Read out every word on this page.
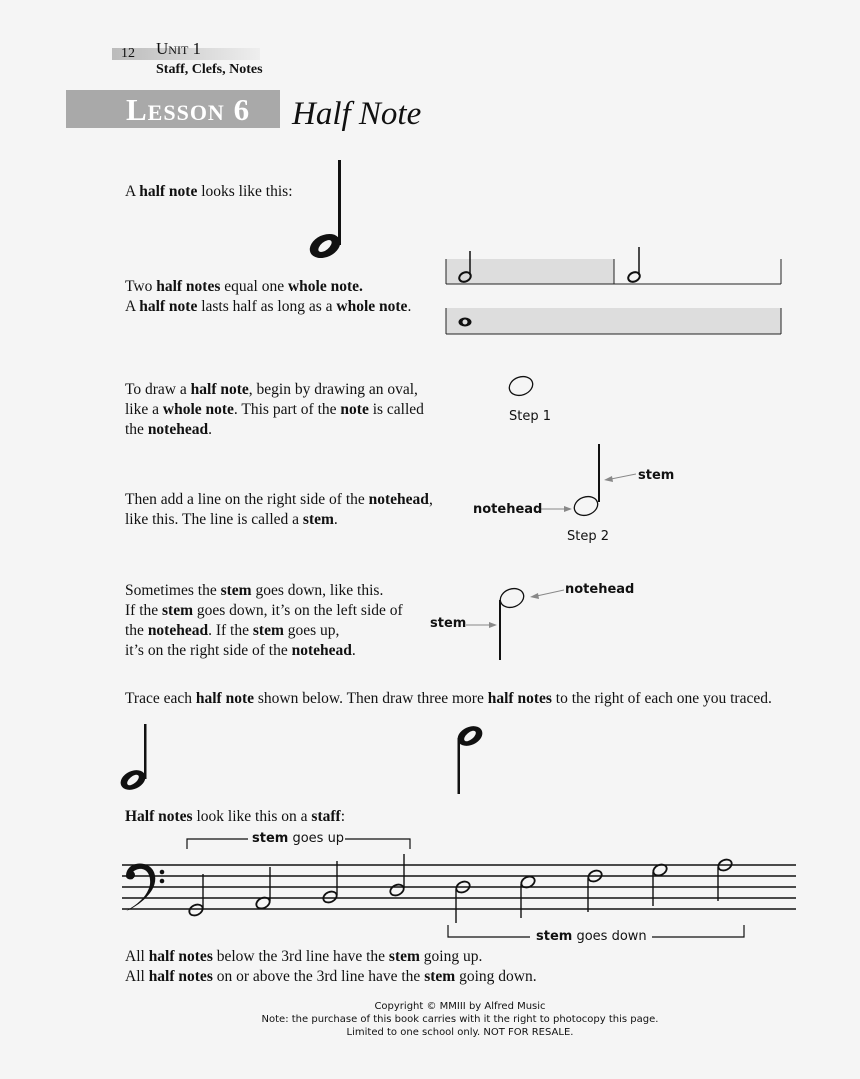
12 Unit 1
Staff, Clefs, Notes
Lesson 6 Half Note
A half note looks like this:
Two half notes equal one whole note.
A half note lasts half as long as a whole note.
To draw a half note, begin by drawing an oval,
like a whole note. This part of the note is called
the notehead.
Step 1
Then add a line on the right side of the notehead,
like this. The line is called a stem.
stem
notehead
Step 2
Sometimes the stem goes down, like this.
If the stem goes down, it’s on the left side of
the notehead. If the stem goes up,
it’s on the right side of the notehead.
notehead
stem
Trace each half note shown below. Then draw three more half notes to the right of each one you traced.
Half notes look like this on a staff:
stem goes up
stem goes down
All half notes below the 3rd line have the stem going up.
All half notes on or above the 3rd line have the stem going down.
Copyright © MMIII by Alfred Music
Note: the purchase of this book carries with it the right to photocopy this page.
Limited to one school only. NOT FOR RESALE.
